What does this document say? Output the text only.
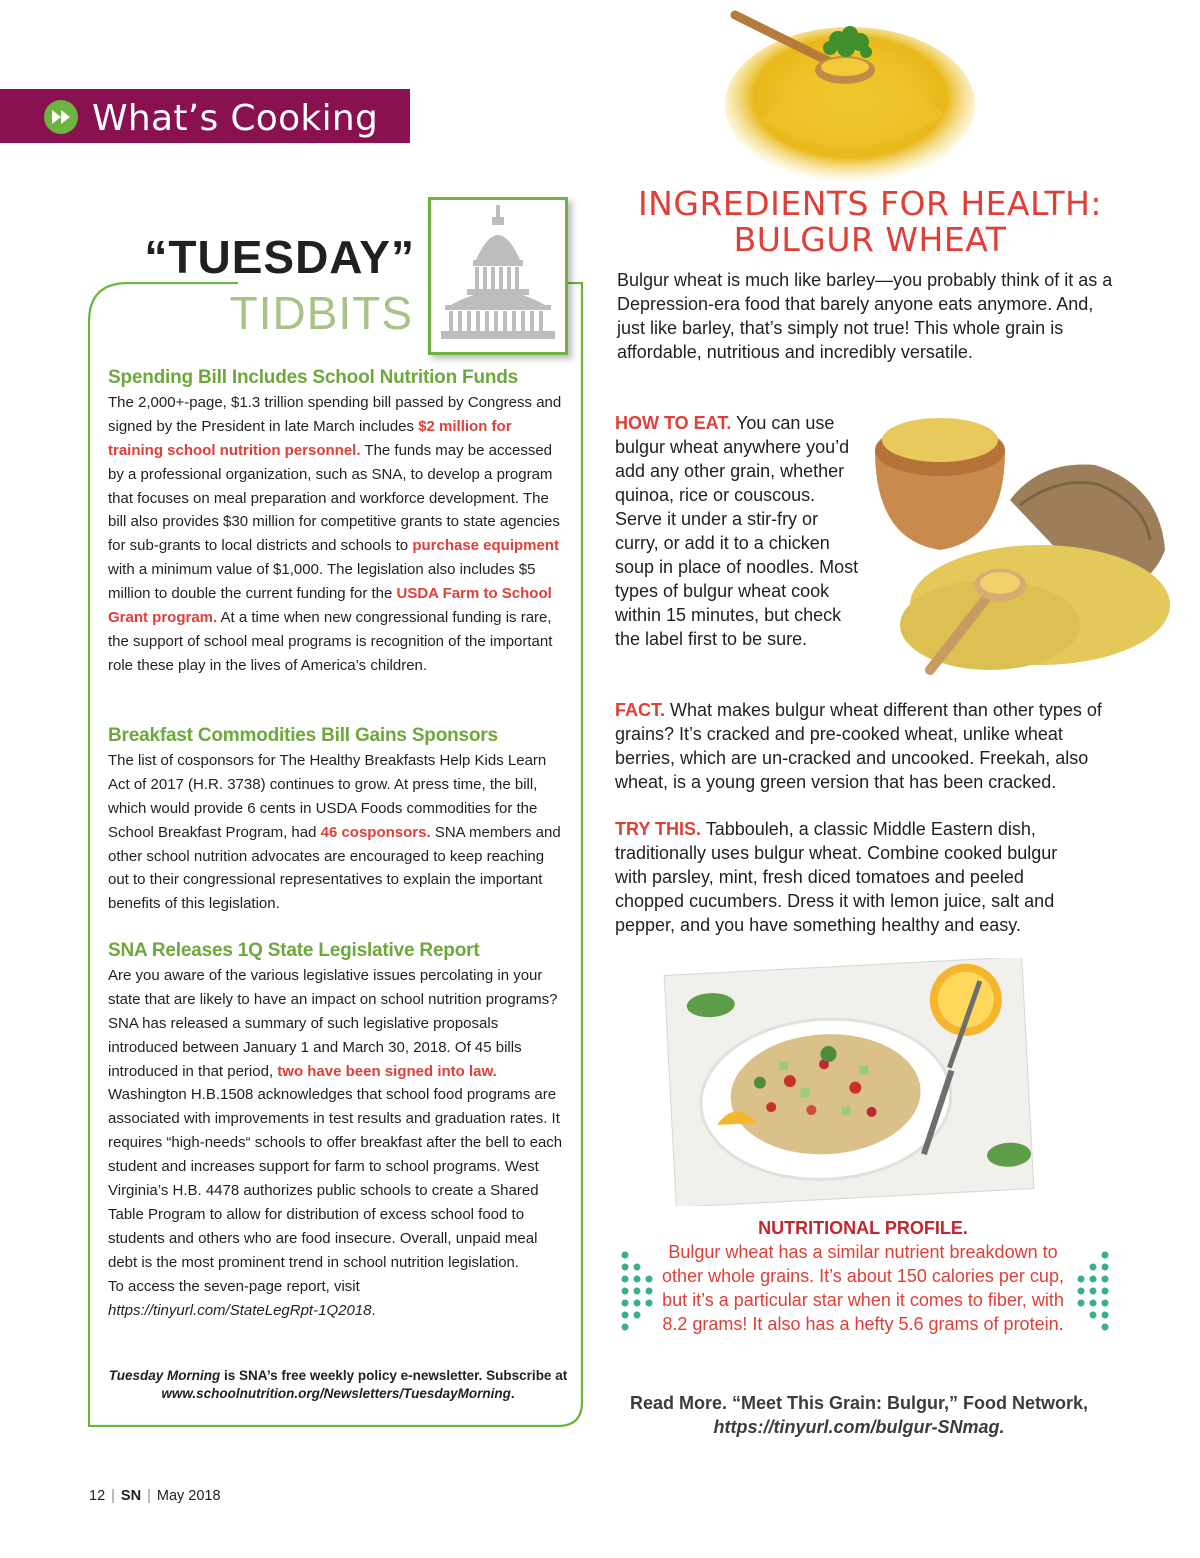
What’s Cooking
“TUESDAY”
TIDBITS
Spending Bill Includes School Nutrition Funds

The 2,000+-page, $1.3 trillion spending bill passed by Congress and signed by the President in late March includes $2 million for training school nutrition personnel. The funds may be accessed by a professional organization, such as SNA, to develop a program that focuses on meal preparation and workforce development. The bill also provides $30 million for competitive grants to state agencies for sub-grants to local districts and schools to purchase equipment with a minimum value of $1,000. The legislation also includes $5 million to double the current funding for the USDA Farm to School Grant program. At a time when new congressional funding is rare, the support of school meal programs is recognition of the important role these play in the lives of America’s children.

Breakfast Commodities Bill Gains Sponsors

The list of cosponsors for The Healthy Breakfasts Help Kids Learn Act of 2017 (H.R. 3738) continues to grow. At press time, the bill, which would provide 6 cents in USDA Foods commodities for the School Breakfast Program, had 46 cosponsors. SNA members and other school nutrition advocates are encouraged to keep reaching out to their congressional representatives to explain the important benefits of this legislation.

SNA Releases 1Q State Legislative Report

Are you aware of the various legislative issues percolating in your state that are likely to have an impact on school nutrition programs? SNA has released a summary of such legislative proposals introduced between January 1 and March 30, 2018. Of 45 bills introduced in that period, two have been signed into law. Washington H.B.1508 acknowledges that school food programs are associated with improvements in test results and graduation rates. It requires “high-needs“ schools to offer breakfast after the bell to each student and increases support for farm to school programs. West Virginia’s H.B. 4478 authorizes public schools to create a Shared Table Program to allow for distribution of excess school food to students and others who are food insecure. Overall, unpaid meal debt is the most prominent trend in school nutrition legislation.

To access the seven-page report, visit https://tinyurl.com/StateLegRpt-1Q2018.

Tuesday Morning is SNA’s free weekly policy e-newsletter. Subscribe at www.schoolnutrition.org/Newsletters/TuesdayMorning.
INGREDIENTS FOR HEALTH:
BULGUR WHEAT
Bulgur wheat is much like barley—you probably think of it as a Depression-era food that barely anyone eats anymore. And, just like barley, that’s simply not true! This whole grain is affordable, nutritious and incredibly versatile.
HOW TO EAT. You can use bulgur wheat anywhere you’d add any other grain, whether quinoa, rice or couscous. Serve it under a stir-fry or curry, or add it to a chicken soup in place of noodles. Most types of bulgur wheat cook within 15 minutes, but check the label first to be sure.
FACT. What makes bulgur wheat different than other types of grains? It’s cracked and pre-cooked wheat, unlike wheat berries, which are un-cracked and uncooked. Freekah, also wheat, is a young green version that has been cracked.
TRY THIS. Tabbouleh, a classic Middle Eastern dish, traditionally uses bulgur wheat. Combine cooked bulgur with parsley, mint, fresh diced tomatoes and peeled chopped cucumbers. Dress it with lemon juice, salt and pepper, and you have something healthy and easy.
NUTRITIONAL PROFILE.
Bulgur wheat has a similar nutrient breakdown to other whole grains. It’s about 150 calories per cup, but it’s a particular star when it comes to fiber, with 8.2 grams! It also has a hefty 5.6 grams of protein.
Read More. “Meet This Grain: Bulgur,” Food Network,
https://tinyurl.com/bulgur-SNmag.
12 | SN | May 2018
